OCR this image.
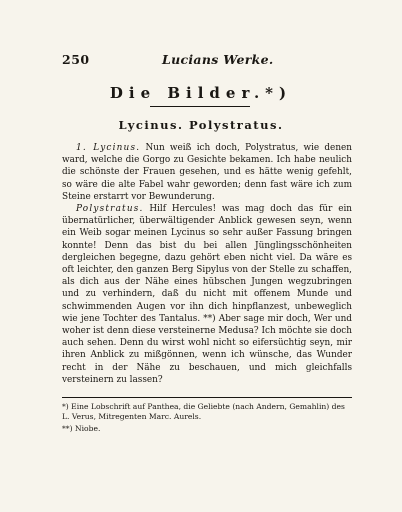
250	Lucians Werke.
Die Bilder.*)
Lycinus. Polystratus.

1. Lycinus. Nun weiß ich doch, Polystratus, wie denen ward, welche die Gorgo zu Gesichte bekamen. Ich habe neulich die schönste der Frauen gesehen, und es hätte wenig gefehlt, so wäre die alte Fabel wahr geworden; denn fast wäre ich zum Steine erstarrt vor Bewunderung.

Polystratus. Hilf Hercules! was mag doch das für ein übernatürlicher, überwältigender Anblick gewesen seyn, wenn ein Weib sogar meinen Lycinus so sehr außer Fassung bringen konnte! Denn das bist du bei allen Jünglingsschönheiten dergleichen begegne, dazu gehört eben nicht viel. Da wäre es oft leichter, den ganzen Berg Sipylus von der Stelle zu schaffen, als dich aus der Nähe eines hübschen Jungen wegzubringen und zu verhindern, daß du nicht mit offenem Munde und schwimmenden Augen vor ihn dich hinpflanzest, unbeweglich wie jene Tochter des Tantalus. **) Aber sage mir doch, Wer und woher ist denn diese versteinerne Medusa? Ich möchte sie doch auch sehen. Denn du wirst wohl nicht so eifersüchtig seyn, mir ihren Anblick zu mißgönnen, wenn ich wünsche, das Wunder recht in der Nähe zu beschauen, und mich gleichfalls versteinern zu lassen?

*) Eine Lobschrift auf Panthea, die Geliebte (nach Andern, Gemahlin) des L. Verus, Mitregenten Marc. Aurels.

**) Niobe.
